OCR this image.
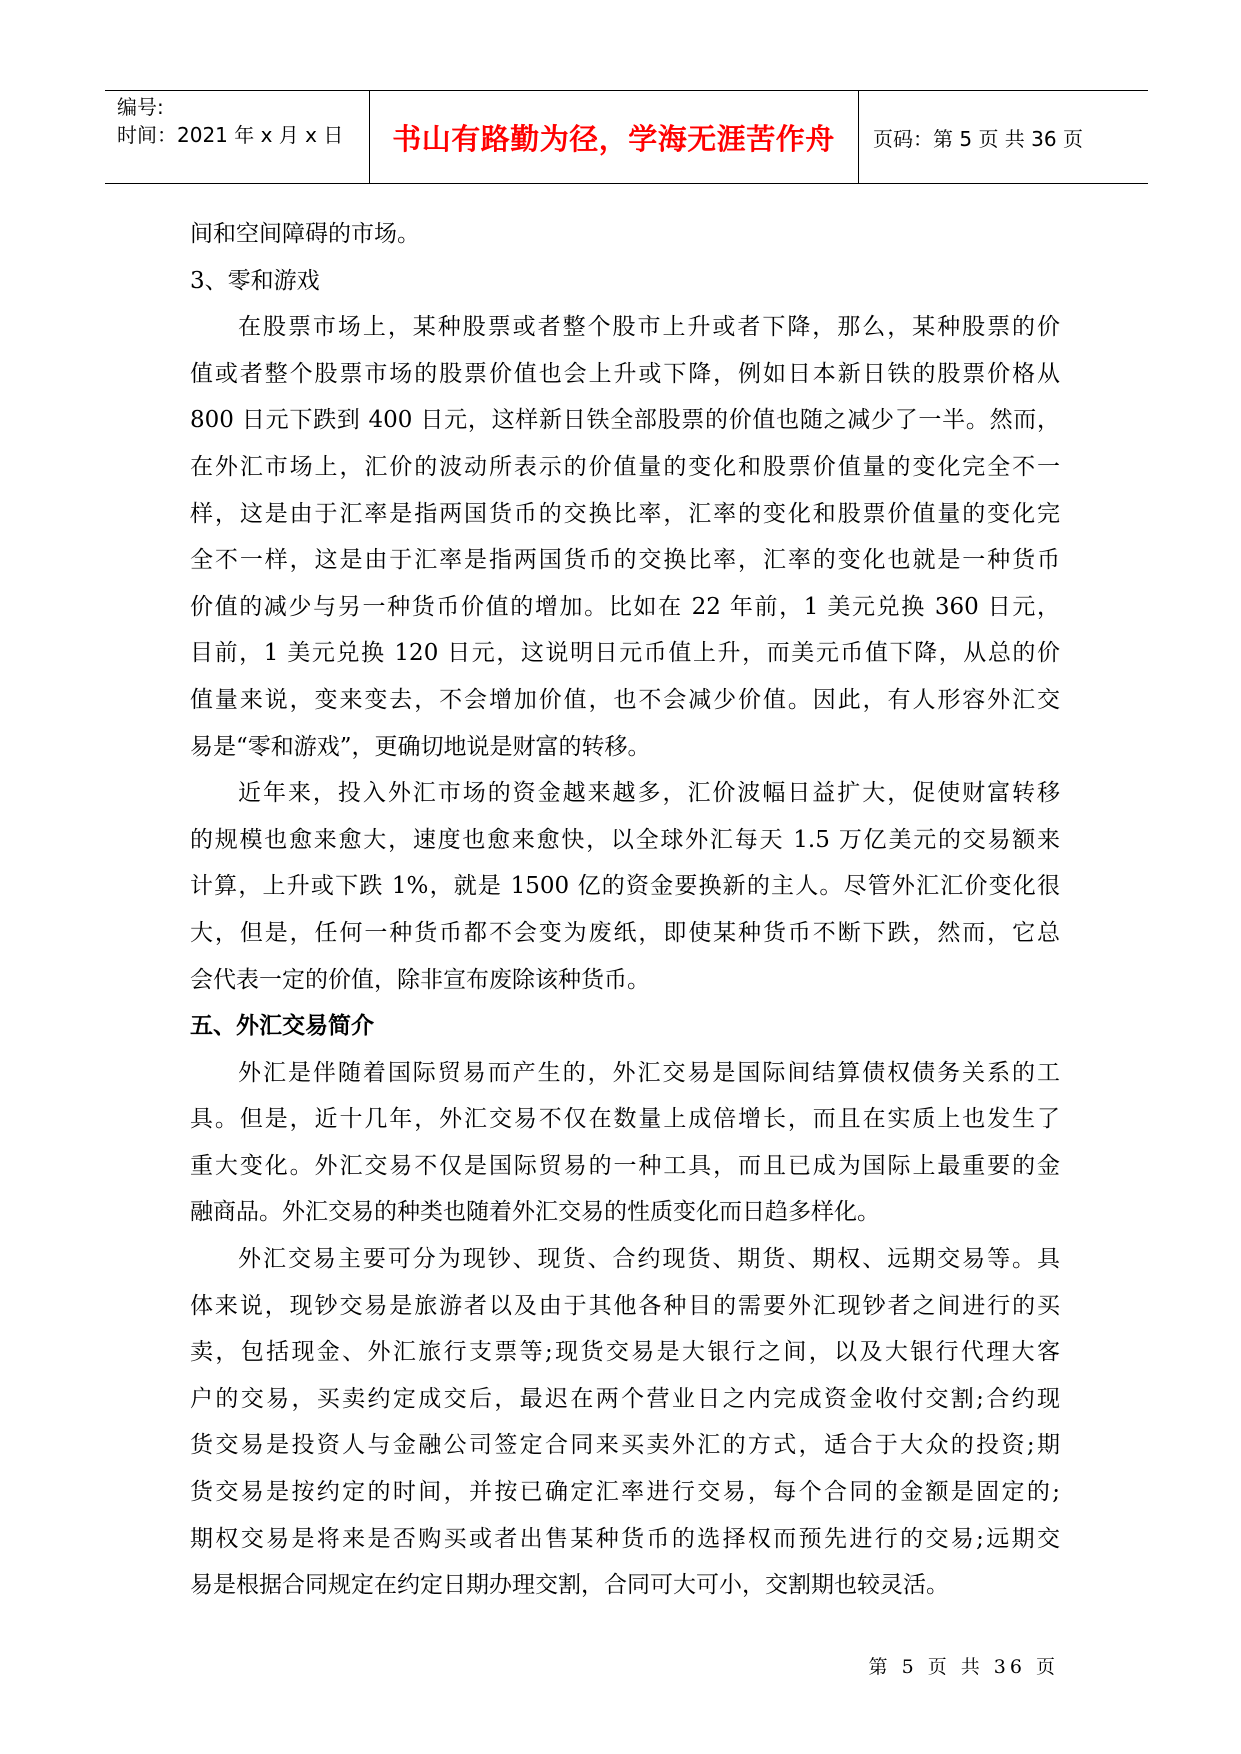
编号:
时间：2021 年 x 月 x 日	书山有路勤为径，学海无涯苦作舟	页码：第 5 页 共 36 页
间和空间障碍的市场。
3、零和游戏
在股票市场上，某种股票或者整个股市上升或者下降，那么，某种股票的价
值或者整个股票市场的股票价值也会上升或下降，例如日本新日铁的股票价格从
800 日元下跌到 400 日元，这样新日铁全部股票的价值也随之减少了一半。然而，
在外汇市场上，汇价的波动所表示的价值量的变化和股票价值量的变化完全不一
样，这是由于汇率是指两国货币的交换比率，汇率的变化和股票价值量的变化完
全不一样，这是由于汇率是指两国货币的交换比率，汇率的变化也就是一种货币
价值的减少与另一种货币价值的增加。比如在 22 年前，1 美元兑换 360 日元，
目前，1 美元兑换 120 日元，这说明日元币值上升，而美元币值下降，从总的价
值量来说，变来变去，不会增加价值，也不会减少价值。因此，有人形容外汇交
易是“零和游戏”，更确切地说是财富的转移。
近年来，投入外汇市场的资金越来越多，汇价波幅日益扩大，促使财富转移
的规模也愈来愈大，速度也愈来愈快，以全球外汇每天 1.5 万亿美元的交易额来
计算，上升或下跌 1%，就是 1500 亿的资金要换新的主人。尽管外汇汇价变化很
大，但是，任何一种货币都不会变为废纸，即使某种货币不断下跌，然而，它总
会代表一定的价值，除非宣布废除该种货币。
五、外汇交易简介
外汇是伴随着国际贸易而产生的，外汇交易是国际间结算债权债务关系的工
具。但是，近十几年，外汇交易不仅在数量上成倍增长，而且在实质上也发生了
重大变化。外汇交易不仅是国际贸易的一种工具，而且已成为国际上最重要的金
融商品。外汇交易的种类也随着外汇交易的性质变化而日趋多样化。
外汇交易主要可分为现钞、现货、合约现货、期货、期权、远期交易等。具
体来说，现钞交易是旅游者以及由于其他各种目的需要外汇现钞者之间进行的买
卖，包括现金、外汇旅行支票等;现货交易是大银行之间，以及大银行代理大客
户的交易，买卖约定成交后，最迟在两个营业日之内完成资金收付交割;合约现
货交易是投资人与金融公司签定合同来买卖外汇的方式，适合于大众的投资;期
货交易是按约定的时间，并按已确定汇率进行交易，每个合同的金额是固定的;
期权交易是将来是否购买或者出售某种货币的选择权而预先进行的交易;远期交
易是根据合同规定在约定日期办理交割，合同可大可小，交割期也较灵活。
第 5 页 共 36 页
